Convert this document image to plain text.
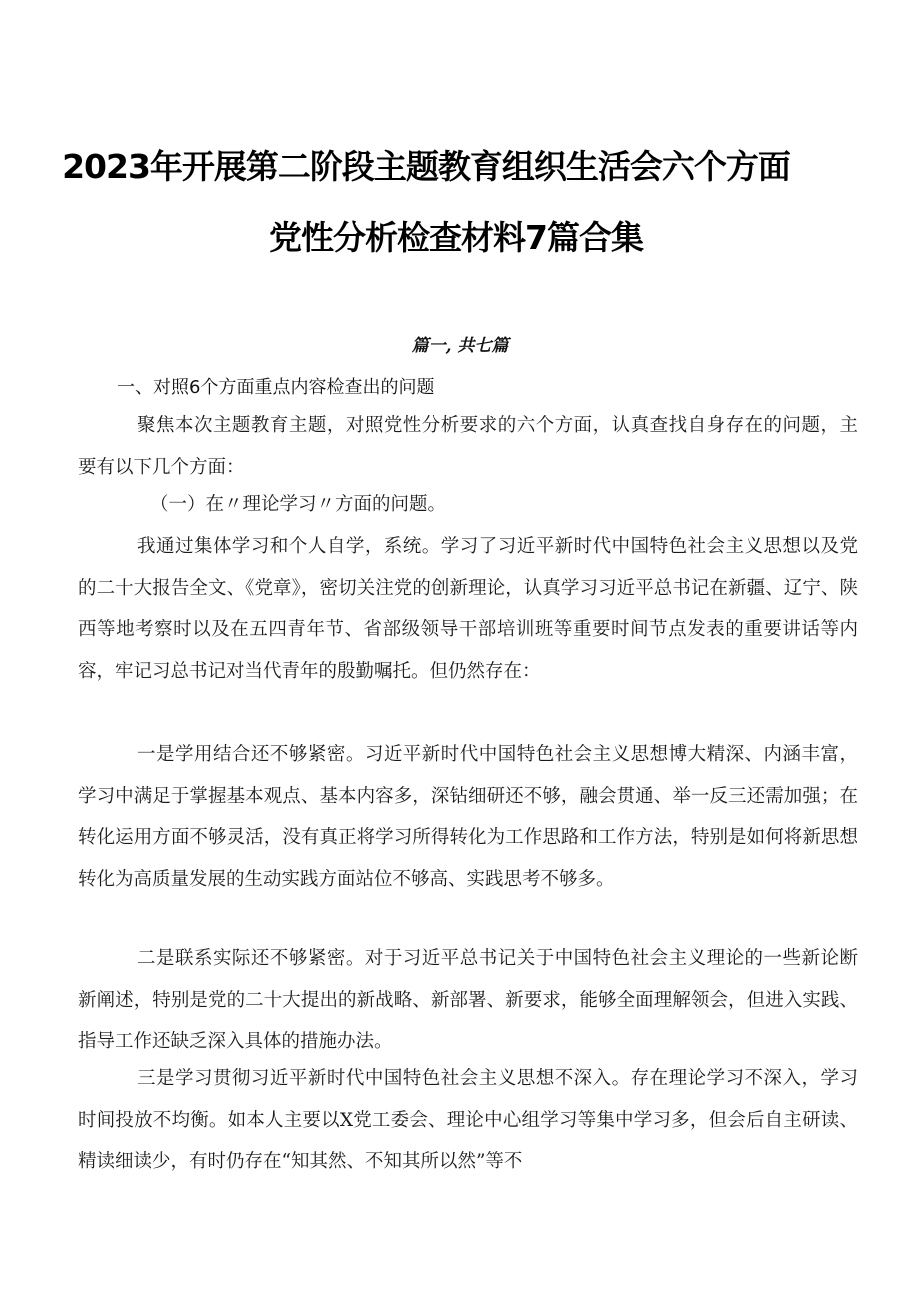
2023年开展第二阶段主题教育组织生活会六个方面
党性分析检查材料7篇合集
篇一, 共七篇
一、对照6个方面重点内容检查出的问题

聚焦本次主题教育主题，对照党性分析要求的六个方面，认真查找自身存在的问题，主要有以下几个方面：

（一）在〃理论学习〃方面的问题。

我通过集体学习和个人自学，系统。学习了习近平新时代中国特色社会主义思想以及党的二十大报告全文、《党章》，密切关注党的创新理论，认真学习习近平总书记在新疆、辽宁、陕西等地考察时以及在五四青年节、省部级领导干部培训班等重要时间节点发表的重要讲话等内容，牢记习总书记对当代青年的殷勤嘱托。但仍然存在：

一是学用结合还不够紧密。习近平新时代中国特色社会主义思想博大精深、内涵丰富，学习中满足于掌握基本观点、基本内容多，深钻细研还不够，融会贯通、举一反三还需加强；在转化运用方面不够灵活，没有真正将学习所得转化为工作思路和工作方法，特别是如何将新思想转化为高质量发展的生动实践方面站位不够高、实践思考不够多。

二是联系实际还不够紧密。对于习近平总书记关于中国特色社会主义理论的一些新论断新阐述，特别是党的二十大提出的新战略、新部署、新要求，能够全面理解领会，但进入实践、指导工作还缺乏深入具体的措施办法。

三是学习贯彻习近平新时代中国特色社会主义思想不深入。存在理论学习不深入，学习时间投放不均衡。如本人主要以X党工委会、理论中心组学习等集中学习多，但会后自主研读、精读细读少，有时仍存在“知其然、不知其所以然”等不
